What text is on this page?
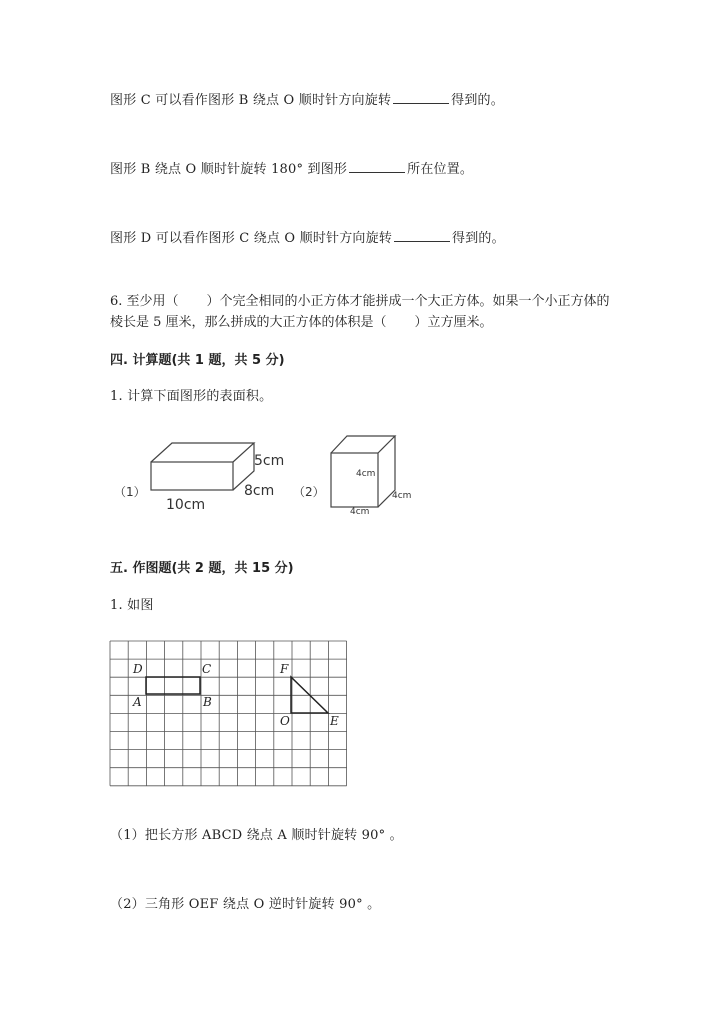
图形 C 可以看作图形 B 绕点 O 顺时针方向旋转	得到的。
图形 B 绕点 O 顺时针旋转 180° 到图形	所在位置。
图形 D 可以看作图形 C 绕点 O 顺时针方向旋转	得到的。
6. 至少用（ ）个完全相同的小正方体才能拼成一个大正方体。如果一个小正方体的棱长是 5 厘米，那么拼成的大正方体的体积是（ ）立方厘米。
四. 计算题(共 1 题，共 5 分)
1. 计算下面图形的表面积。
（1）
10cm
8cm
5cm
（2）
4cm
4cm
4cm
五. 作图题(共 2 题，共 15 分)
1. 如图
D	C
A	B
F
O	E
（1）把长方形 ABCD 绕点 A 顺时针旋转 90° 。
（2）三角形 OEF 绕点 O 逆时针旋转 90° 。
